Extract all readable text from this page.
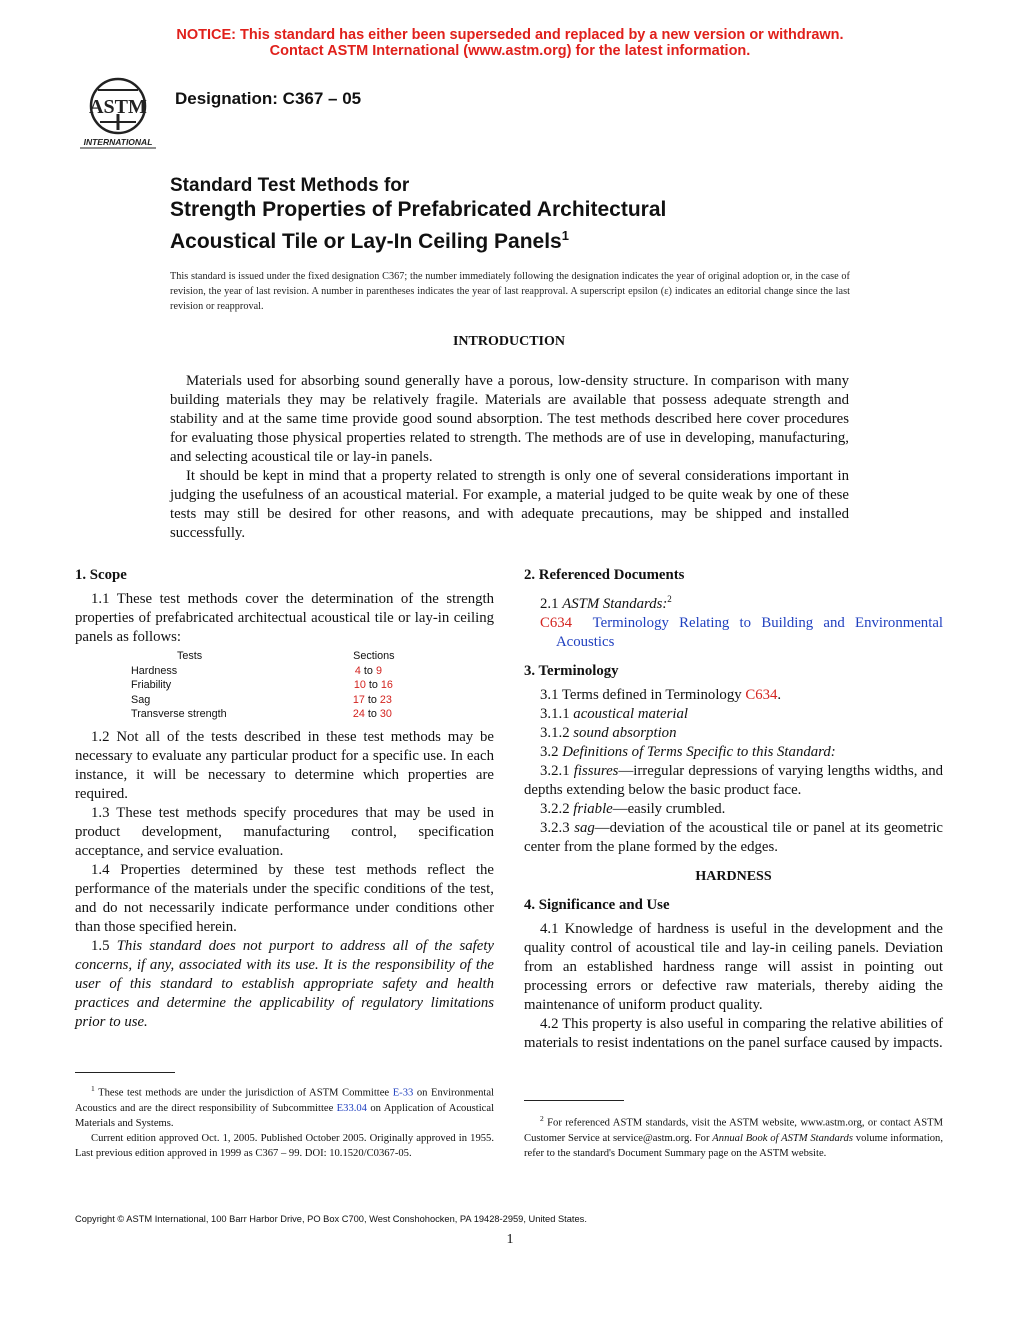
NOTICE: This standard has either been superseded and replaced by a new version or withdrawn.
Contact ASTM International (www.astm.org) for the latest information.
ASTM
INTERNATIONAL
Designation: C367 – 05
Standard Test Methods for
Strength Properties of Prefabricated Architectural
Acoustical Tile or Lay-In Ceiling Panels$^1$
This standard is issued under the fixed designation C367; the number immediately following the designation indicates the year of original adoption or, in the case of revision, the year of last revision. A number in parentheses indicates the year of last reapproval. A superscript epsilon (ε) indicates an editorial change since the last revision or reapproval.
INTRODUCTION

Materials used for absorbing sound generally have a porous, low-density structure. In comparison with many building materials they may be relatively fragile. Materials are available that possess adequate strength and stability and at the same time provide good sound absorption. The test methods described here cover procedures for evaluating those physical properties related to strength. The methods are of use in developing, manufacturing, and selecting acoustical tile or lay-in panels.

It should be kept in mind that a property related to strength is only one of several considerations important in judging the usefulness of an acoustical material. For example, a material judged to be quite weak by one of these tests may still be desired for other reasons, and with adequate precautions, may be shipped and installed successfully.

1. Scope

1.1 These test methods cover the determination of the strength properties of prefabricated architectual acoustical tile or lay-in ceiling panels as follows:

Tests	Sections
Hardness	4 to 9
Friability	10 to 16
Sag	17 to 23
Transverse strength	24 to 30

1.2 Not all of the tests described in these test methods may be necessary to evaluate any particular product for a specific use. In each instance, it will be necessary to determine which properties are required.

1.3 These test methods specify procedures that may be used in product development, manufacturing control, specification acceptance, and service evaluation.

1.4 Properties determined by these test methods reflect the performance of the materials under the specific conditions of the test, and do not necessarily indicate performance under conditions other than those specified herein.

1.5 This standard does not purport to address all of the safety concerns, if any, associated with its use. It is the responsibility of the user of this standard to establish appropriate safety and health practices and determine the applicability of regulatory limitations prior to use.

2. Referenced Documents

2.1 ASTM Standards:$^2$

C634 Terminology Relating to Building and Environmental Acoustics

3. Terminology

3.1 Terms defined in Terminology C634.

3.1.1 acoustical material

3.1.2 sound absorption

3.2 Definitions of Terms Specific to this Standard:

3.2.1 fissures—irregular depressions of varying lengths widths, and depths extending below the basic product face.

3.2.2 friable—easily crumbled.

3.2.3 sag—deviation of the acoustical tile or panel at its geometric center from the plane formed by the edges.

HARDNESS
4. Significance and Use

4.1 Knowledge of hardness is useful in the development and the quality control of acoustical tile and lay-in ceiling panels. Deviation from an established hardness range will assist in pointing out processing errors or defective raw materials, thereby aiding the maintenance of uniform product quality.

4.2 This property is also useful in comparing the relative abilities of materials to resist indentations on the panel surface caused by impacts.

$^1$ These test methods are under the jurisdiction of ASTM Committee E-33 on Environmental Acoustics and are the direct responsibility of Subcommittee E33.04 on Application of Acoustical Materials and Systems.

Current edition approved Oct. 1, 2005. Published October 2005. Originally approved in 1955. Last previous edition approved in 1999 as C367 – 99. DOI: 10.1520/C0367-05.

$^2$ For referenced ASTM standards, visit the ASTM website, www.astm.org, or contact ASTM Customer Service at service@astm.org. For Annual Book of ASTM Standards volume information, refer to the standard's Document Summary page on the ASTM website.

Copyright © ASTM International, 100 Barr Harbor Drive, PO Box C700, West Conshohocken, PA 19428-2959, United States.
1
